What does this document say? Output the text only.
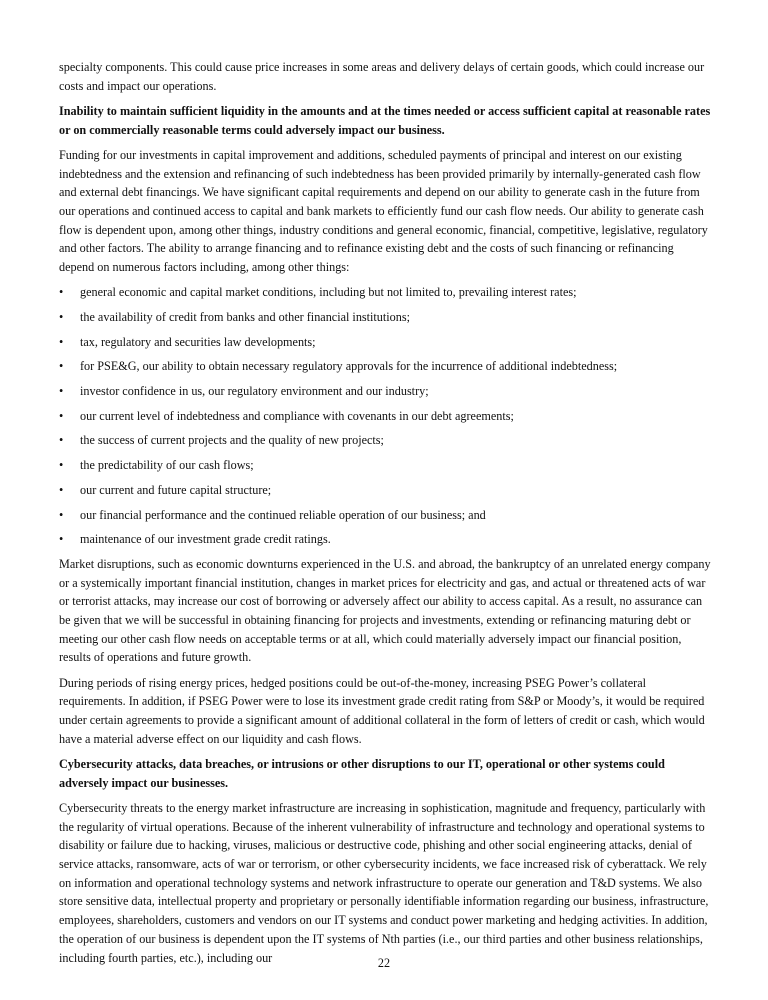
specialty components. This could cause price increases in some areas and delivery delays of certain goods, which could increase our costs and impact our operations.

Inability to maintain sufficient liquidity in the amounts and at the times needed or access sufficient capital at reasonable rates or on commercially reasonable terms could adversely impact our business.

Funding for our investments in capital improvement and additions, scheduled payments of principal and interest on our existing indebtedness and the extension and refinancing of such indebtedness has been provided primarily by internally-generated cash flow and external debt financings. We have significant capital requirements and depend on our ability to generate cash in the future from our operations and continued access to capital and bank markets to efficiently fund our cash flow needs. Our ability to generate cash flow is dependent upon, among other things, industry conditions and general economic, financial, competitive, legislative, regulatory and other factors. The ability to arrange financing and to refinance existing debt and the costs of such financing or refinancing depend on numerous factors including, among other things:

• general economic and capital market conditions, including but not limited to, prevailing interest rates;
• the availability of credit from banks and other financial institutions;
• tax, regulatory and securities law developments;
• for PSE&G, our ability to obtain necessary regulatory approvals for the incurrence of additional indebtedness;
• investor confidence in us, our regulatory environment and our industry;
• our current level of indebtedness and compliance with covenants in our debt agreements;
• the success of current projects and the quality of new projects;
• the predictability of our cash flows;
• our current and future capital structure;
• our financial performance and the continued reliable operation of our business; and
• maintenance of our investment grade credit ratings.

Market disruptions, such as economic downturns experienced in the U.S. and abroad, the bankruptcy of an unrelated energy company or a systemically important financial institution, changes in market prices for electricity and gas, and actual or threatened acts of war or terrorist attacks, may increase our cost of borrowing or adversely affect our ability to access capital. As a result, no assurance can be given that we will be successful in obtaining financing for projects and investments, extending or refinancing maturing debt or meeting our other cash flow needs on acceptable terms or at all, which could materially adversely impact our financial position, results of operations and future growth.

During periods of rising energy prices, hedged positions could be out-of-the-money, increasing PSEG Power’s collateral requirements. In addition, if PSEG Power were to lose its investment grade credit rating from S&P or Moody’s, it would be required under certain agreements to provide a significant amount of additional collateral in the form of letters of credit or cash, which would have a material adverse effect on our liquidity and cash flows.

Cybersecurity attacks, data breaches, or intrusions or other disruptions to our IT, operational or other systems could adversely impact our businesses.

Cybersecurity threats to the energy market infrastructure are increasing in sophistication, magnitude and frequency, particularly with the regularity of virtual operations. Because of the inherent vulnerability of infrastructure and technology and operational systems to disability or failure due to hacking, viruses, malicious or destructive code, phishing and other social engineering attacks, denial of service attacks, ransomware, acts of war or terrorism, or other cybersecurity incidents, we face increased risk of cyberattack. We rely on information and operational technology systems and network infrastructure to operate our generation and T&D systems. We also store sensitive data, intellectual property and proprietary or personally identifiable information regarding our business, infrastructure, employees, shareholders, customers and vendors on our IT systems and conduct power marketing and hedging activities. In addition, the operation of our business is dependent upon the IT systems of Nth parties (i.e., our third parties and other business relationships, including fourth parties, etc.), including our	22
